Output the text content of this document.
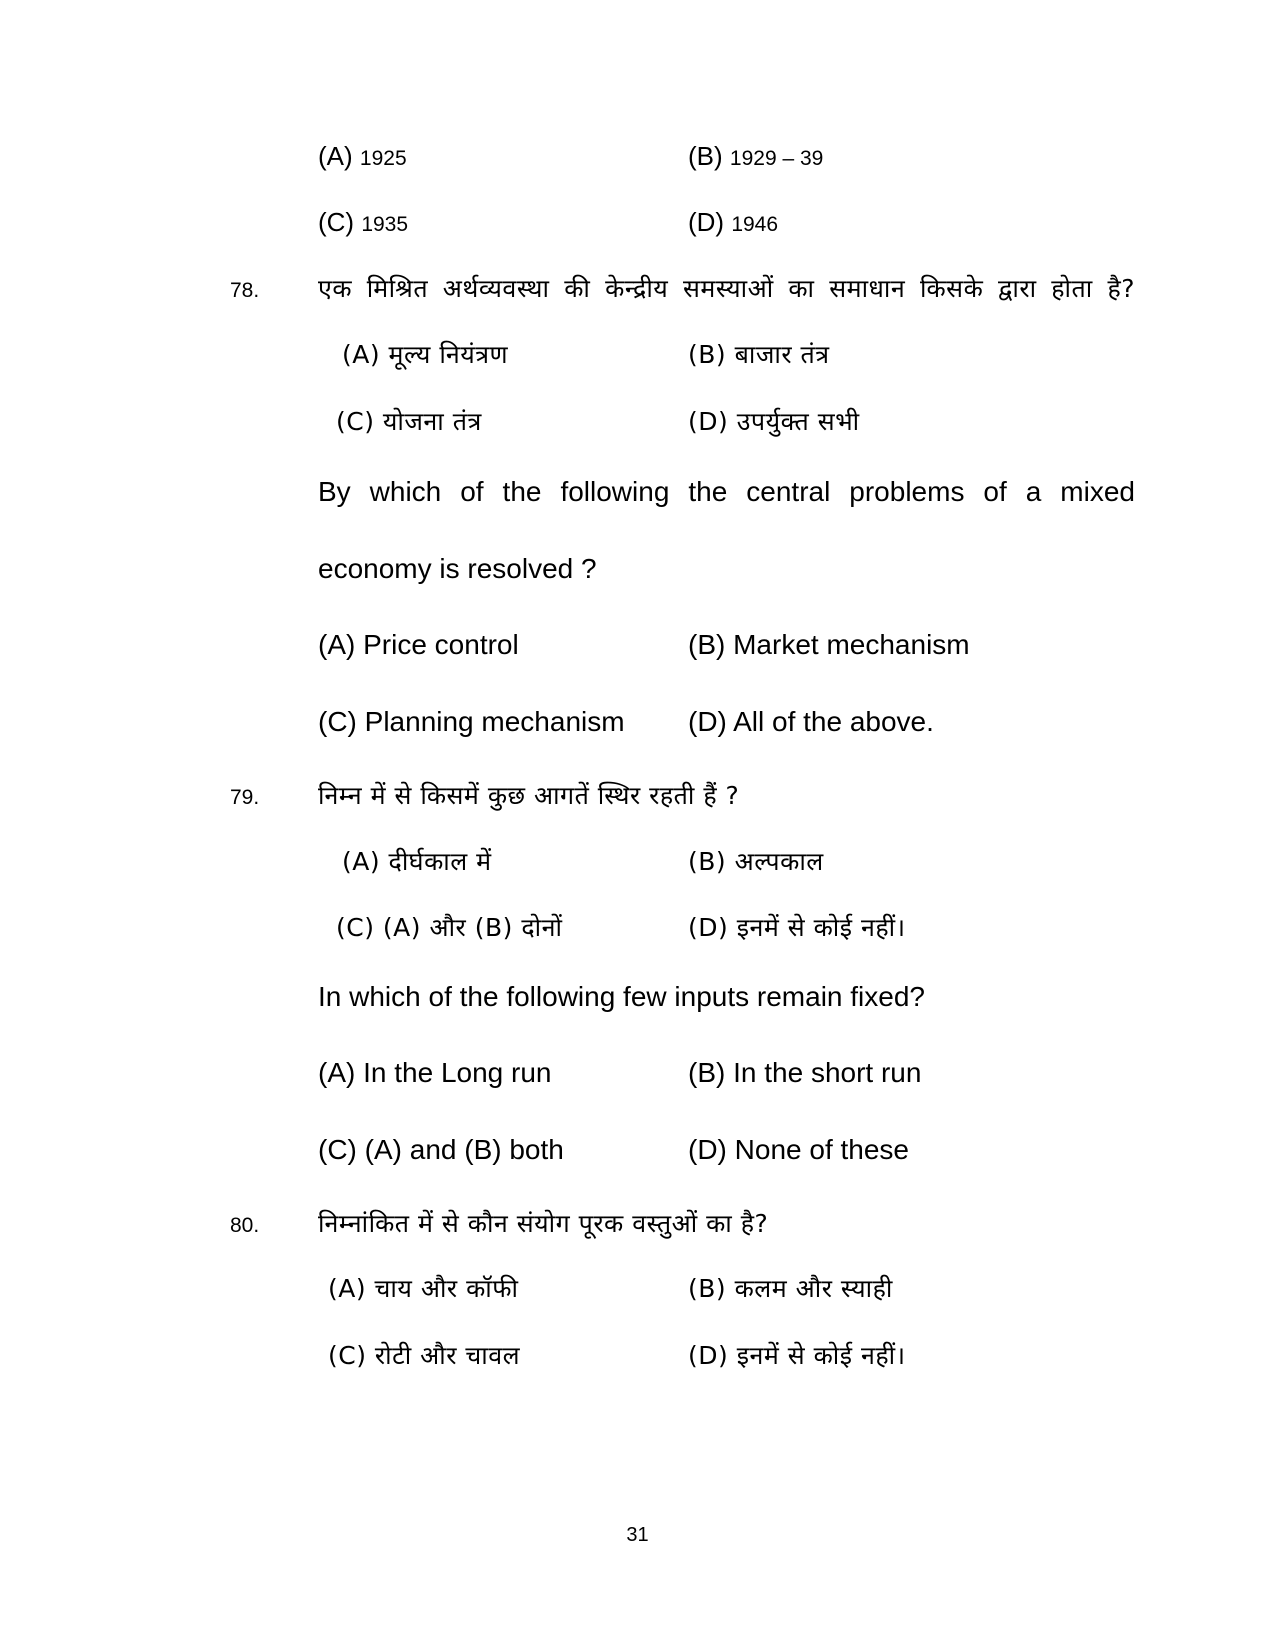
(A) 1925	(B) 1929 – 39
(C) 1935	(D) 1946
78. एक मिश्रित अर्थव्यवस्था की केन्द्रीय समस्याओं का समाधान किसके द्वारा होता है?
(A) मूल्य नियंत्रण	(B) बाजार तंत्र
(C) योजना तंत्र	(D) उपर्युक्त सभी
By which of the following the central problems of a mixed
economy is resolved ?
(A) Price control	(B) Market mechanism
(C) Planning mechanism (D) All of the above.
79. निम्न में से किसमें कुछ आगतें स्थिर रहती हैं ?
(A) दीर्घकाल में	(B) अल्पकाल
(C) (A) और (B) दोनों	(D) इनमें से कोई नहीं।
In which of the following few inputs remain fixed?
(A) In the Long run	(B) In the short run
(C) (A) and (B) both	(D) None of these
80. निम्नांकित में से कौन संयोग पूरक वस्तुओं का है?
(A) चाय और कॉफी	(B) कलम और स्याही
(C) रोटी और चावल	(D) इनमें से कोई नहीं।
31
